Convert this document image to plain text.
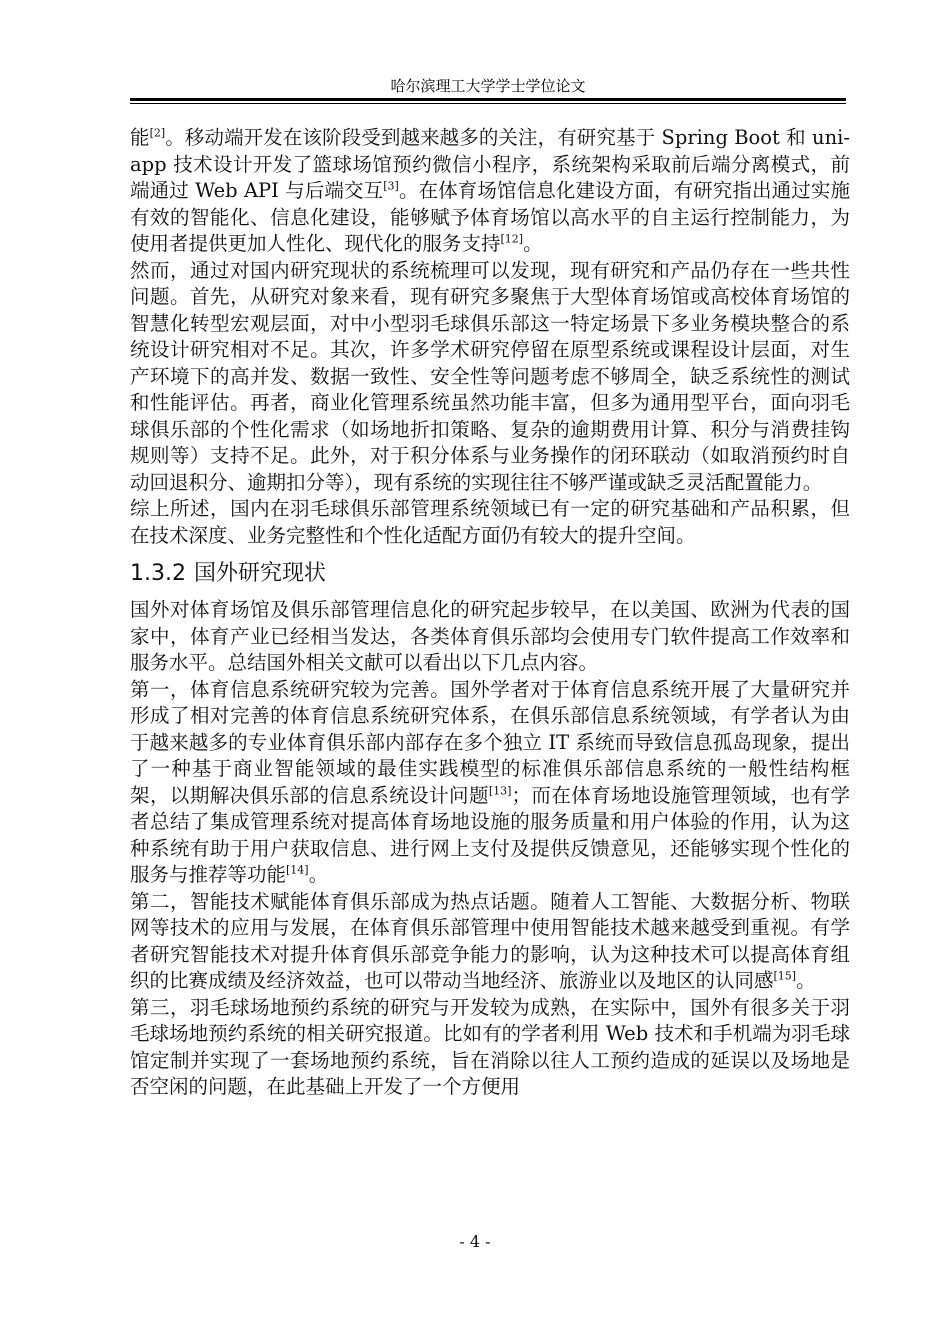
哈尔滨理工大学学士学位论文

能[2]。移动端开发在该阶段受到越来越多的关注，有研究基于 Spring Boot 和 uni-app 技术设计开发了篮球场馆预约微信小程序，系统架构采取前后端分离模式，前端通过 Web API 与后端交互[3]。在体育场馆信息化建设方面，有研究指出通过实施有效的智能化、信息化建设，能够赋予体育场馆以高水平的自主运行控制能力，为使用者提供更加人性化、现代化的服务支持[12]。

然而，通过对国内研究现状的系统梳理可以发现，现有研究和产品仍存在一些共性问题。首先，从研究对象来看，现有研究多聚焦于大型体育场馆或高校体育场馆的智慧化转型宏观层面，对中小型羽毛球俱乐部这一特定场景下多业务模块整合的系统设计研究相对不足。其次，许多学术研究停留在原型系统或课程设计层面，对生产环境下的高并发、数据一致性、安全性等问题考虑不够周全，缺乏系统性的测试和性能评估。再者，商业化管理系统虽然功能丰富，但多为通用型平台，面向羽毛球俱乐部的个性化需求（如场地折扣策略、复杂的逾期费用计算、积分与消费挂钩规则等）支持不足。此外，对于积分体系与业务操作的闭环联动（如取消预约时自动回退积分、逾期扣分等），现有系统的实现往往不够严谨或缺乏灵活配置能力。

综上所述，国内在羽毛球俱乐部管理系统领域已有一定的研究基础和产品积累，但在技术深度、业务完整性和个性化适配方面仍有较大的提升空间。

1.3.2 国外研究现状

国外对体育场馆及俱乐部管理信息化的研究起步较早，在以美国、欧洲为代表的国家中，体育产业已经相当发达，各类体育俱乐部均会使用专门软件提高工作效率和服务水平。总结国外相关文献可以看出以下几点内容。

第一，体育信息系统研究较为完善。国外学者对于体育信息系统开展了大量研究并形成了相对完善的体育信息系统研究体系，在俱乐部信息系统领域，有学者认为由于越来越多的专业体育俱乐部内部存在多个独立 IT 系统而导致信息孤岛现象，提出了一种基于商业智能领域的最佳实践模型的标准俱乐部信息系统的一般性结构框架，以期解决俱乐部的信息系统设计问题[13]；而在体育场地设施管理领域，也有学者总结了集成管理系统对提高体育场地设施的服务质量和用户体验的作用，认为这种系统有助于用户获取信息、进行网上支付及提供反馈意见，还能够实现个性化的服务与推荐等功能[14]。

第二，智能技术赋能体育俱乐部成为热点话题。随着人工智能、大数据分析、物联网等技术的应用与发展，在体育俱乐部管理中使用智能技术越来越受到重视。有学者研究智能技术对提升体育俱乐部竞争能力的影响，认为这种技术可以提高体育组织的比赛成绩及经济效益，也可以带动当地经济、旅游业以及地区的认同感[15]。

第三，羽毛球场地预约系统的研究与开发较为成熟，在实际中，国外有很多关于羽毛球场地预约系统的相关研究报道。比如有的学者利用 Web 技术和手机端为羽毛球馆定制并实现了一套场地预约系统，旨在消除以往人工预约造成的延误以及场地是否空闲的问题，在此基础上开发了一个方便用

- 4 -
